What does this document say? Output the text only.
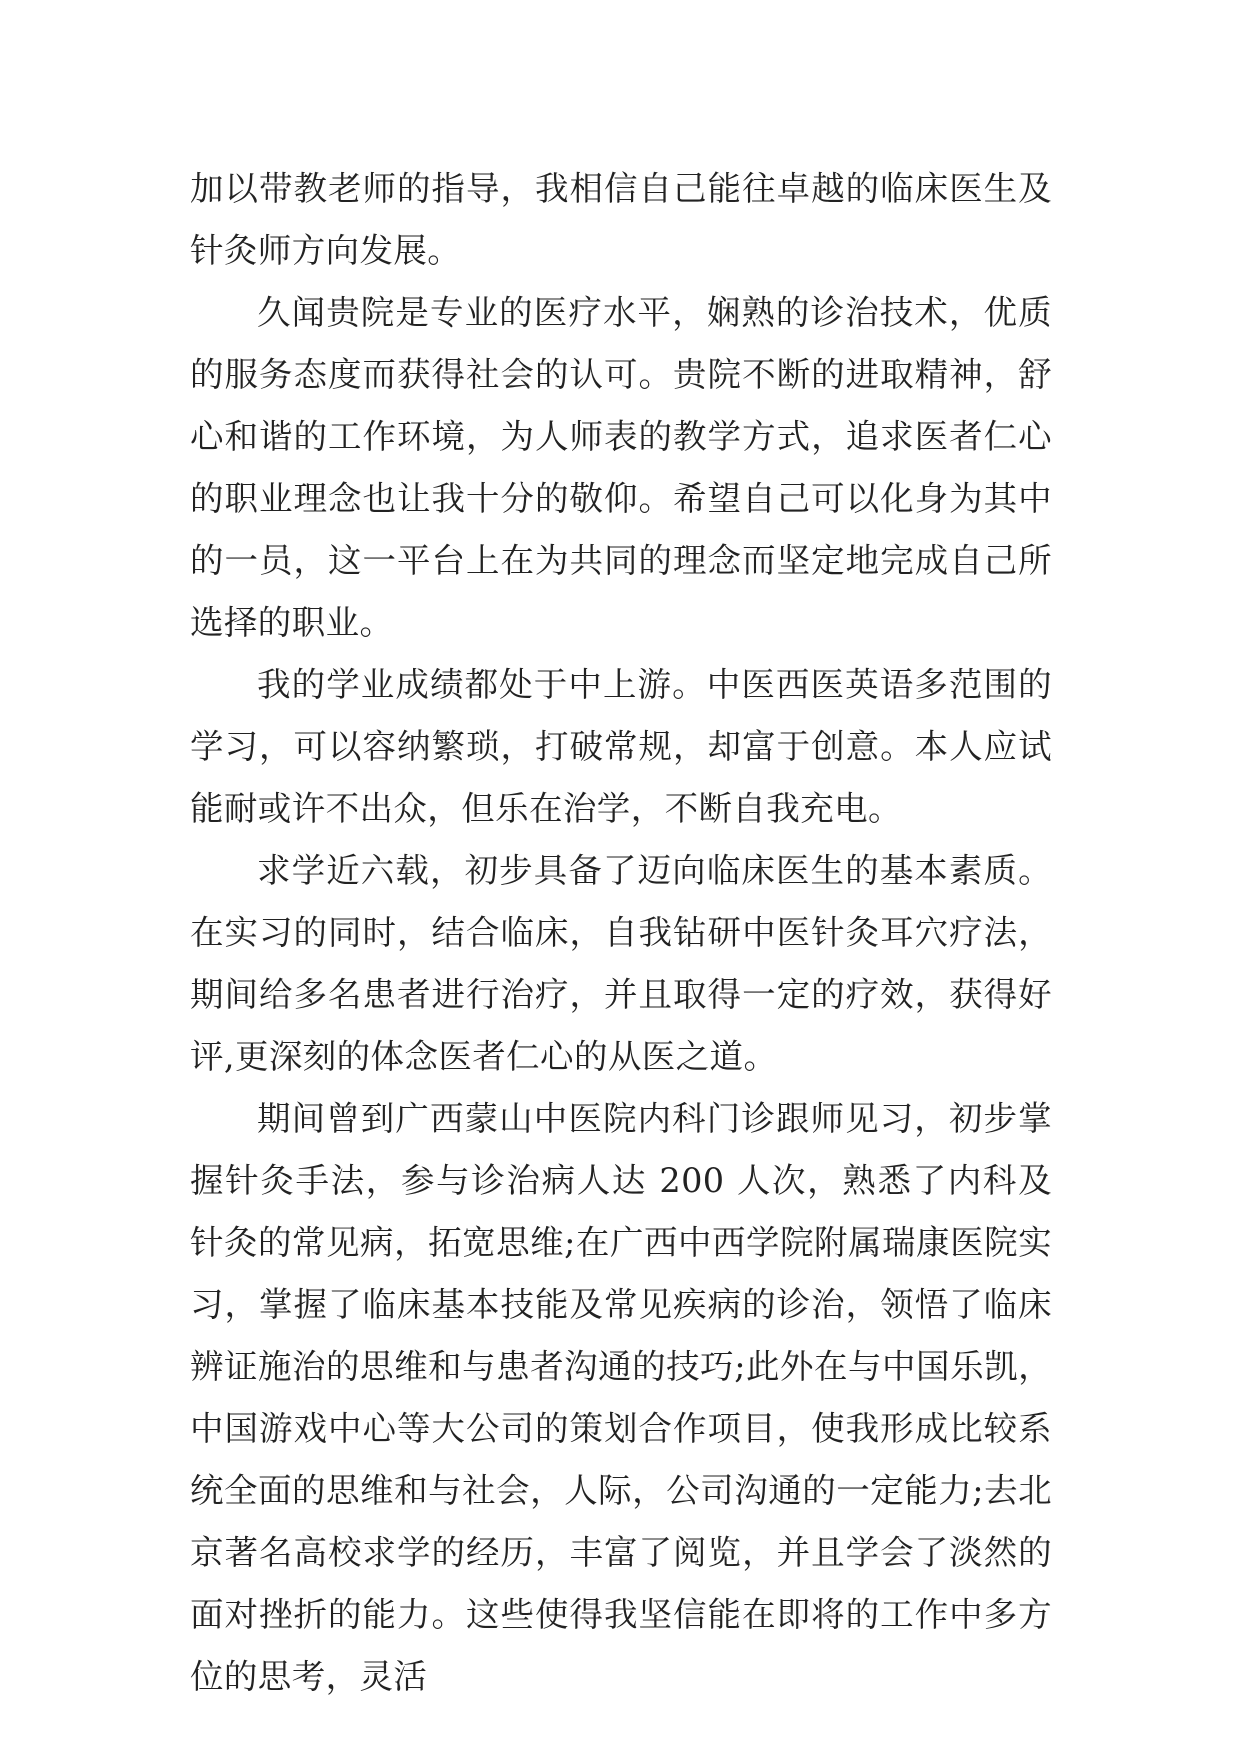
加以带教老师的指导，我相信自己能往卓越的临床医生及针灸师方向发展。

久闻贵院是专业的医疗水平，娴熟的诊治技术，优质的服务态度而获得社会的认可。贵院不断的进取精神，舒心和谐的工作环境，为人师表的教学方式，追求医者仁心的职业理念也让我十分的敬仰。希望自己可以化身为其中的一员，这一平台上在为共同的理念而坚定地完成自己所选择的职业。

我的学业成绩都处于中上游。中医西医英语多范围的学习，可以容纳繁琐，打破常规，却富于创意。本人应试能耐或许不出众，但乐在治学，不断自我充电。

求学近六载，初步具备了迈向临床医生的基本素质。在实习的同时，结合临床，自我钻研中医针灸耳穴疗法，期间给多名患者进行治疗，并且取得一定的疗效，获得好评,更深刻的体念医者仁心的从医之道。

期间曾到广西蒙山中医院内科门诊跟师见习，初步掌握针灸手法，参与诊治病人达 200 人次，熟悉了内科及针灸的常见病，拓宽思维;在广西中西学院附属瑞康医院实习，掌握了临床基本技能及常见疾病的诊治，领悟了临床辨证施治的思维和与患者沟通的技巧;此外在与中国乐凯，中国游戏中心等大公司的策划合作项目，使我形成比较系统全面的思维和与社会，人际，公司沟通的一定能力;去北京著名高校求学的经历，丰富了阅览，并且学会了淡然的面对挫折的能力。这些使得我坚信能在即将的工作中多方位的思考，灵活
